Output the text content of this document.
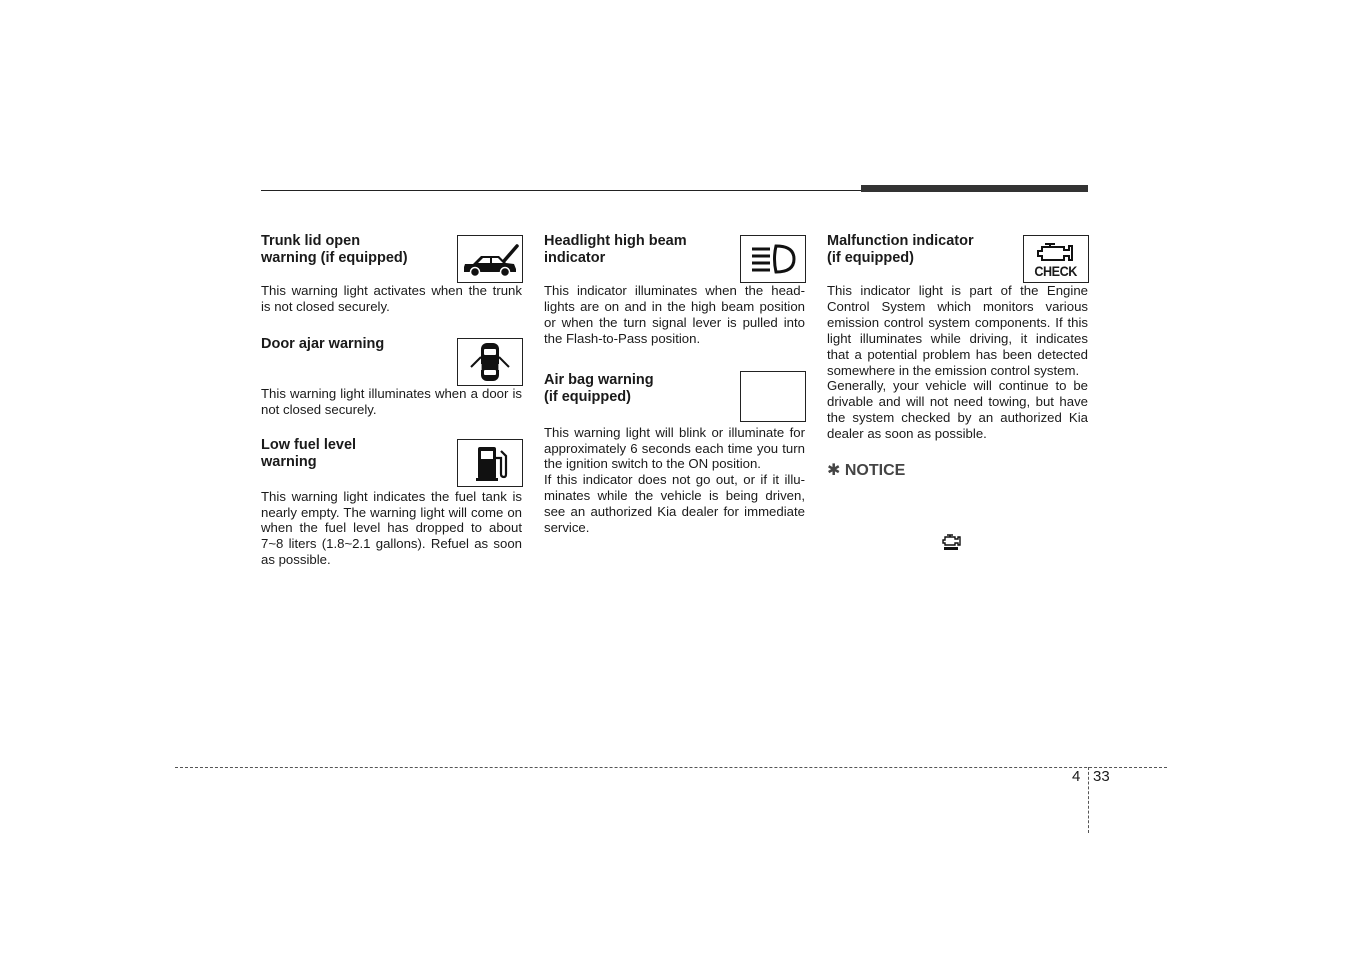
Trunk lid open
warning (if equipped)

This warning light activates when the trunk is not closed securely.

Door ajar warning

This warning light illuminates when a door is not closed securely.

Low fuel level
warning

This warning light indicates the fuel tank is nearly empty. The warning light will come on when the fuel level has dropped to about 7~8 liters (1.8~2.1 gallons). Refuel as soon as possible.

Headlight high beam
indicator

This indicator illuminates when the headlights are on and in the high beam position or when the turn signal lever is pulled into the Flash-to-Pass position.

Air bag warning
(if equipped)

This warning light will blink or illuminate for approximately 6 seconds each time you turn the ignition switch to the ON position.

If this indicator does not go out, or if it illuminates while the vehicle is being driven, see an authorized Kia dealer for immediate service.

Malfunction indicator
(if equipped)
CHECK

This indicator light is part of the Engine Control System which monitors various emission control system components. If this light illuminates while driving, it indicates that a potential problem has been detected somewhere in the emission control system.

Generally, your vehicle will continue to be drivable and will not need towing, but have the system checked by an authorized Kia dealer as soon as possible.

✱ NOTICE
4 33
